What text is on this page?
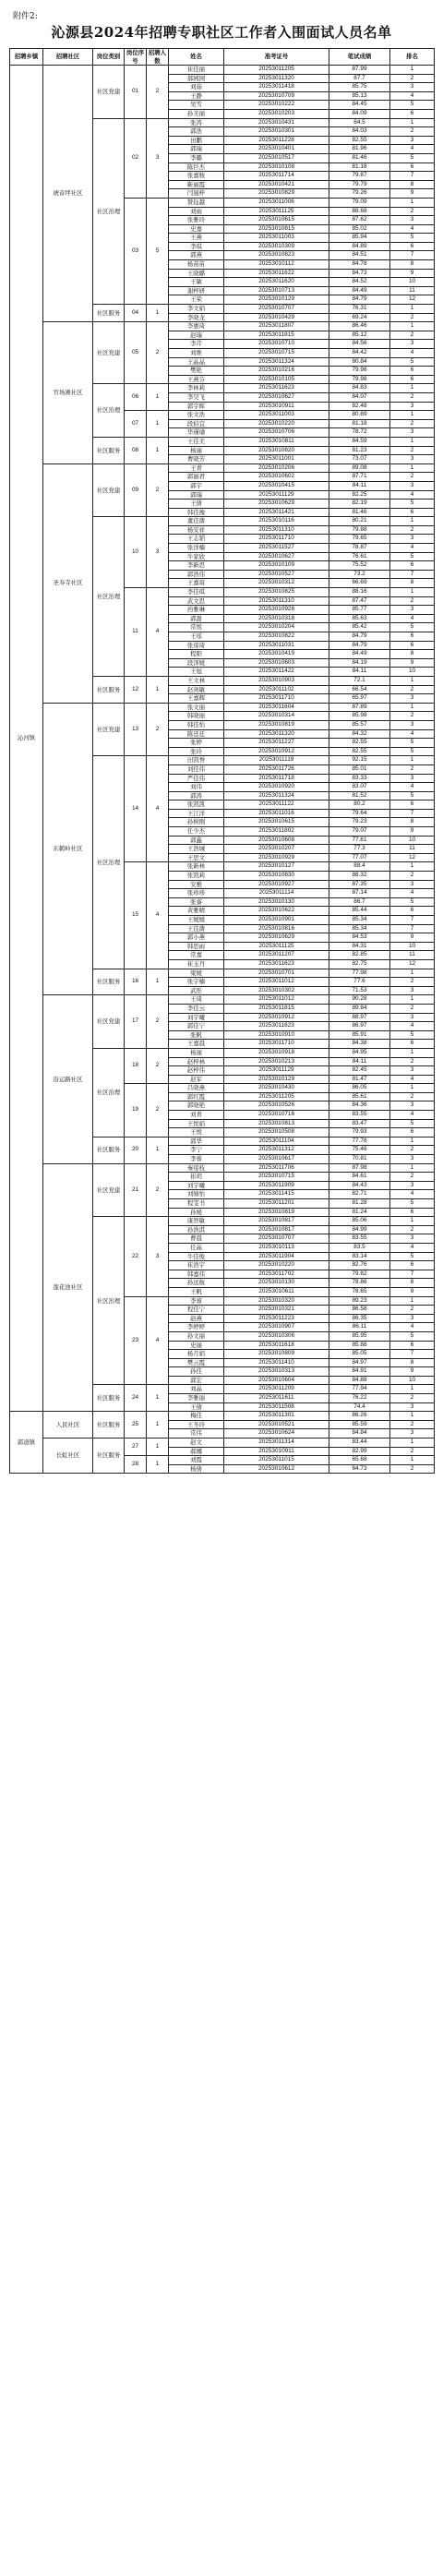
附件2:
沁源县2024年招聘专职社区工作者入围面试人员名单
招聘乡镇	招聘社区	岗位类别	岗位序号	招聘人数	姓名	准考证号	笔试成绩	排名
沁河镇	琥音坪社区	社区党建	01	2	崔佳丽	20253011205	87.99	1
					郝园园	20253011320	87.7	2
					刘茹	20253011418	85.75	3
					王静	20253010709	85.13	4
					吴雪	20253010222	84.45	5
					孙美丽	20253010203	84.09	6
		社区治理	02	3	张涛	20253010431	84.5	1
					郭浩	20253010301	84.03	2
					田鹏	20253011228	82.55	3
					郭瑞	20253010401	81.96	4
					李璐	20253010517	81.46	5
					陈巨杰	20253010108	81.18	6
					张嘉骏	20253011714	79.87	7
					靳丽霞	20253010421	79.79	8
					闫晟梓	20253010829	79.26	9
			03	5	赞钰越	20253011006	79.09	1
					刘雨	20253011125	88.68	2
					张雅玲	20253010615	87.62	3
					史嘉	20253010815	85.02	4
					王燕	20253011003	85.94	5
					李琪	20253010309	84.89	6
					郭燕	20253010823	84.51	7
					杨苗苗	20253010112	84.78	8
					王晓璐	20253011622	84.73	9
					王敏	20253011620	84.52	10
					谢梓妍	20253010713	84.49	11
					王荣	20253010129	84.79	12
		社区服务	04	1	李文娟	20253010707	76.31	1
					李晓龙	20253010429	69.24	2
	官场滩社区	社区党建	05	2	李惠琦	20253011807	86.46	1
					赵瑞	20253011815	85.12	2
					李芹	20253010710	84.56	3
					刘维	20253010715	84.42	4
					王晶晶	20253011324	80.84	5
					樊艳	20253010216	79.98	6
					王燕芬	20253010105	79.98	6
		社区治理	06	1	李林莉	20253011623	84.83	1
					李昊飞	20253010627	84.07	2
					郭宇晖	20253010911	82.48	3
			07	1	张文浩	20253011003	80.89	1
					段伯宜	20253010220	81.18	2
					华瑾瑜	20253010706	78.72	3
		社区服务	08	1	王佳美	20253010811	84.59	1
					杨丽	20253010820	81.23	2
					曹晓芳	20253011001	73.07	3
	圣寿寺社区	社区党建	09	2	王青	20253010206	89.08	1
					郭丽君	20253010602	87.71	2
					郭宇	20253010415	84.11	3
					郭瑞	20253011129	82.25	4
					王倩	20253010629	82.19	5
					韩佳豫	20253011421	81.46	6
		社区治理	10	3	董佳凿	20253010116	80.21	1
					杨安祥	20253011310	79.88	2
					王志韬	20253011710	79.65	3
					张洋楠	20253011527	78.87	4
					牛家欣	20253010627	76.61	5
					李新思	20253010109	75.52	6
					郭浩伟	20253010527	73.2	7
					王嘉瑄	20253010312	66.69	8
			11	4	李佳琪	20253010825	88.16	1
					武文思	20253011310	87.47	2
					药雅琳	20253010926	85.77	3
					郭甜	20253010318	85.63	4
					常悦	20253010204	85.42	5
					王瑶	20253010822	84.79	6
					张琼琦	20253011031	84.79	6
					程阳	20253010419	84.49	8
					段泽媛	20253010603	84.19	9
					王旭	20253011422	84.11	10
		社区服务	12	1	王文林	20253010903	72.1	1
					赵剑敏	20253011102	66.54	2
					王嘉辉	20253011710	65.97	3
	东鹤岭社区	社区党建	13	2	张文丽	20253011604	87.89	1
					韩晓丽	20253010314	85.98	2
					韩佳怡	20253010819	85.57	3
					陈廷廷	20253011320	84.32	4
					张婷	20253011227	82.55	5
					张玲	20253010912	82.55	5
		社区治理	14	4	田凯誉	20253011119	92.15	1
					刘佳伟	20253011726	85.01	2
					严佳伟	20253011718	83.33	3
					刘伟	20253010920	83.07	4
					郭涛	20253011324	81.52	5
					张凯凯	20253011122	80.2	6
					王江洋	20253011016	79.64	7
					孙树刚	20253010615	79.23	8
					任少杰	20253011802	79.07	9
					郭鑫	20253010608	77.61	10
					王浩城	20253010207	77.3	11
					王思文	20253010929	77.07	12
			15	4	张新林	20253010127	88.4	1
					张凯莉	20253010830	88.32	2
					安雅	20253010927	87.35	3
					张珍珍	20253011114	87.14	4
					张睿	20253010130	86.7	5
					黄雅晴	20253010622	85.44	6
					王媛媛	20253010901	85.34	7
					王佳凿	20253010816	85.34	7
					郭小燕	20253010629	84.53	9
					韩思雨	20253011125	84.31	10
					常嘉	20253011207	82.85	11
					崔玉丹	20253011623	82.75	12
		社区服务	16	1	梁媛	20253010701	77.98	1
					张宇楠	20253011012	77.6	2
					武彤	20253010302	71.53	3
	沿运路社区	社区党建	17	2	王琦	20253011012	90.28	1
					李佳云	20253011815	89.84	2
					刘宇曦	20253010912	88.97	3
					郭佳宁	20253011623	86.97	4
					张帆	20253010910	85.91	5
					王嘉晨	20253011710	84.38	6
		社区治理	18	2	杨丽	20253010918	84.95	1
					赵梓林	20253010213	84.11	2
					赵梓伟	20253011129	82.45	3
					赵军	20253010129	81.47	4
			19	2	吕晓燕	20253010430	86.05	1
					郭红霞	20253011205	85.61	2
					郭晓艳	20253010526	84.36	3
					刘青	20253010716	83.55	4
					王悦娟	20253010813	83.47	5
					王悦	20253010508	79.93	6
		社区服务	20	1	郭华	20253011104	77.78	1
					李宁	20253011312	75.46	2
					李蓉	20253010617	70.81	3
	莲花池社区	社区党建	21	2	秦琼枝	20253011706	87.98	1
					崔玥	20253010715	84.61	2
					刘宇曦	20253011909	84.43	3
					刘婧怡	20253011415	82.71	4
					程雯书	20253011201	81.28	5
					孙媛	20253010819	81.24	6
		社区治理	22	3	康智敏	20253010817	85.06	1
					孙浩淇	20253010817	84.99	2
					曹晨	20253010707	83.55	3
					任晶	20253010113	83.5	4
					牛佳俊	20253011904	83.14	5
					崔浩宇	20253010220	82.76	6
					韩嘉伟	20253011702	79.82	7
					孙远航	20253010130	78.86	8
					王帆	20253010611	78.65	9
			23	4	李蓉	20253010320	89.23	1
					程佳宁	20253010321	86.58	2
					赵燕	20253011223	86.35	3
					李婷婷	20253010907	86.11	4
					孙文丽	20253010306	85.95	5
					史丽	20253011618	85.88	6
					杨月娟	20253010809	85.05	7
					樊云霞	20253011410	84.97	8
					孙佳	20253010313	84.91	9
					郭宏	20253010604	84.88	10
		社区服务	24	1	刘晶	20253011209	77.94	1
					李雅丽	20253011611	76.22	2
					王倩	20253011508	74.4	3
郭道镇	人民社区	社区服务	25	1	梅佳	20253011301	86.26	1
					王冬玲	20253010521	85.59	2
					常伟	20253010624	84.84	3
	长虹社区	社区服务	27	1	赵文	20253011314	83.44	1
					郝娜	20253010911	82.99	2
			28	1	刘霞	20253011015	65.68	1
					杨倩	20253010612	64.73	2
